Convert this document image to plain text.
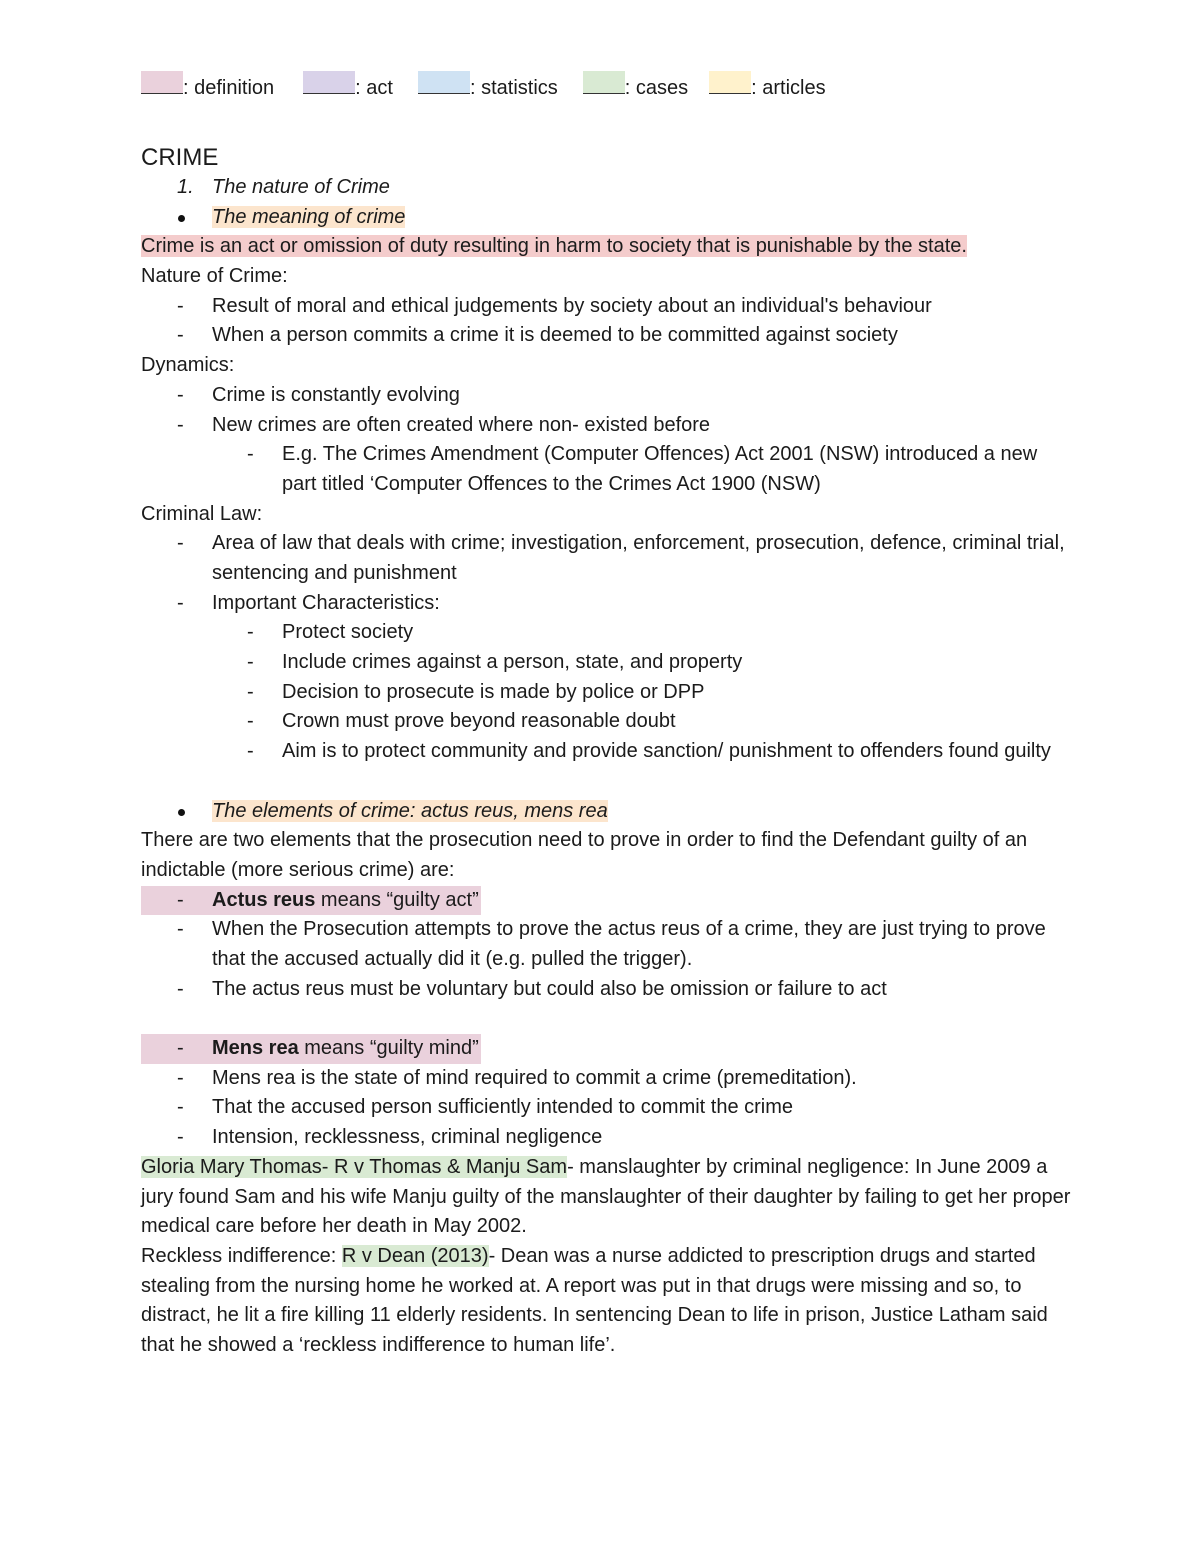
: definition	: act	: statistics	: cases	: articles
CRIME
1. The nature of Crime
The meaning of crime
Crime is an act or omission of duty resulting in harm to society that is punishable by the state.
Nature of Crime:
- Result of moral and ethical judgements by society about an individual's behaviour
- When a person commits a crime it is deemed to be committed against society
Dynamics:
- Crime is constantly evolving
- New crimes are often created where non- existed before
- E.g. The Crimes Amendment (Computer Offences) Act 2001 (NSW) introduced a new part titled ‘Computer Offences to the Crimes Act 1900 (NSW)
Criminal Law:
- Area of law that deals with crime; investigation, enforcement, prosecution, defence, criminal trial, sentencing and punishment
- Important Characteristics:
- Protect society
- Include crimes against a person, state, and property
- Decision to prosecute is made by police or DPP
- Crown must prove beyond reasonable doubt
- Aim is to protect community and provide sanction/ punishment to offenders found guilty
The elements of crime: actus reus, mens rea
There are two elements that the prosecution need to prove in order to find the Defendant guilty of an indictable (more serious crime) are:
- Actus reus means “guilty act”
- When the Prosecution attempts to prove the actus reus of a crime, they are just trying to prove that the accused actually did it (e.g. pulled the trigger).
- The actus reus must be voluntary but could also be omission or failure to act
- Mens rea means “guilty mind”
- Mens rea is the state of mind required to commit a crime (premeditation).
- That the accused person sufficiently intended to commit the crime
- Intension, recklessness, criminal negligence
Gloria Mary Thomas- R v Thomas & Manju Sam- manslaughter by criminal negligence: In June 2009 a jury found Sam and his wife Manju guilty of the manslaughter of their daughter by failing to get her proper medical care before her death in May 2002.
Reckless indifference: R v Dean (2013)- Dean was a nurse addicted to prescription drugs and started stealing from the nursing home he worked at. A report was put in that drugs were missing and so, to distract, he lit a fire killing 11 elderly residents. In sentencing Dean to life in prison, Justice Latham said that he showed a ‘reckless indifference to human life’.
